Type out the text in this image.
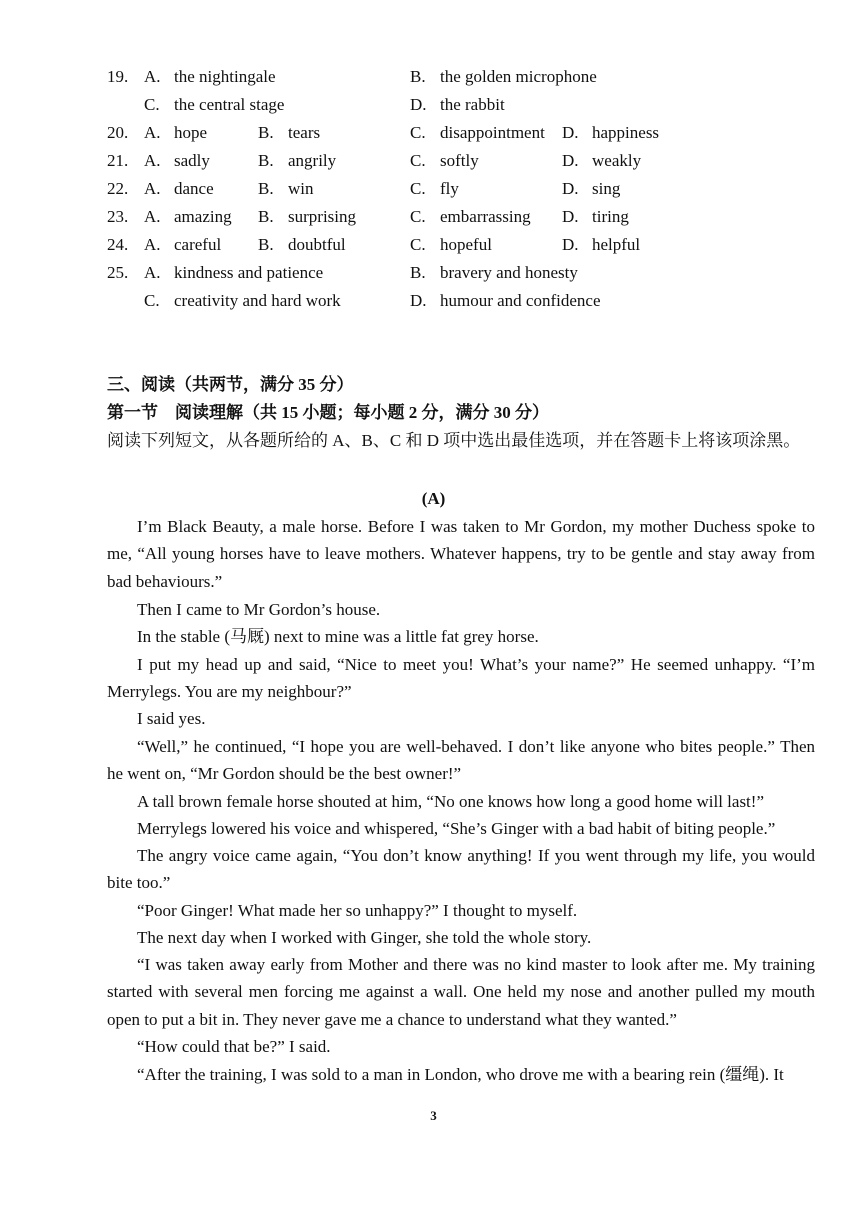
19. A. the nightingale	B. the golden microphone
C. the central stage	D. the rabbit
20. A. hope	B. tears	C. disappointment D. happiness
21. A. sadly	B. angrily	C. softly	D. weakly
22. A. dance	B. win	C. fly	D. sing
23. A. amazing B. surprising	C. embarrassing D. tiring
24. A. careful B. doubtful	C. hopeful	D. helpful
25. A. kindness and patience	B. bravery and honesty
C. creativity and hard work	D. humour and confidence
三、阅读（共两节，满分 35 分）
第一节　阅读理解（共 15 小题；每小题 2 分，满分 30 分）
阅读下列短文，从各题所给的 A、B、C 和 D 项中选出最佳选项，并在答题卡上将该项涂黑。
(A)
I’m Black Beauty, a male horse. Before I was taken to Mr Gordon, my mother Duchess spoke to me, “All young horses have to leave mothers. Whatever happens, try to be gentle and stay away from bad behaviours.”
Then I came to Mr Gordon’s house.
In the stable (马厩) next to mine was a little fat grey horse.
I put my head up and said, “Nice to meet you! What’s your name?” He seemed unhappy. “I’m Merrylegs. You are my neighbour?”
I said yes.
“Well,” he continued, “I hope you are well-behaved. I don’t like anyone who bites people.” Then he went on, “Mr Gordon should be the best owner!”
A tall brown female horse shouted at him, “No one knows how long a good home will last!”
Merrylegs lowered his voice and whispered, “She’s Ginger with a bad habit of biting people.”
The angry voice came again, “You don’t know anything! If you went through my life, you would bite too.”
“Poor Ginger! What made her so unhappy?” I thought to myself.
The next day when I worked with Ginger, she told the whole story.
“I was taken away early from Mother and there was no kind master to look after me. My training started with several men forcing me against a wall. One held my nose and another pulled my mouth open to put a bit in. They never gave me a chance to understand what they wanted.”
“How could that be?” I said.
“After the training, I was sold to a man in London, who drove me with a bearing rein (缰绳). It
3
